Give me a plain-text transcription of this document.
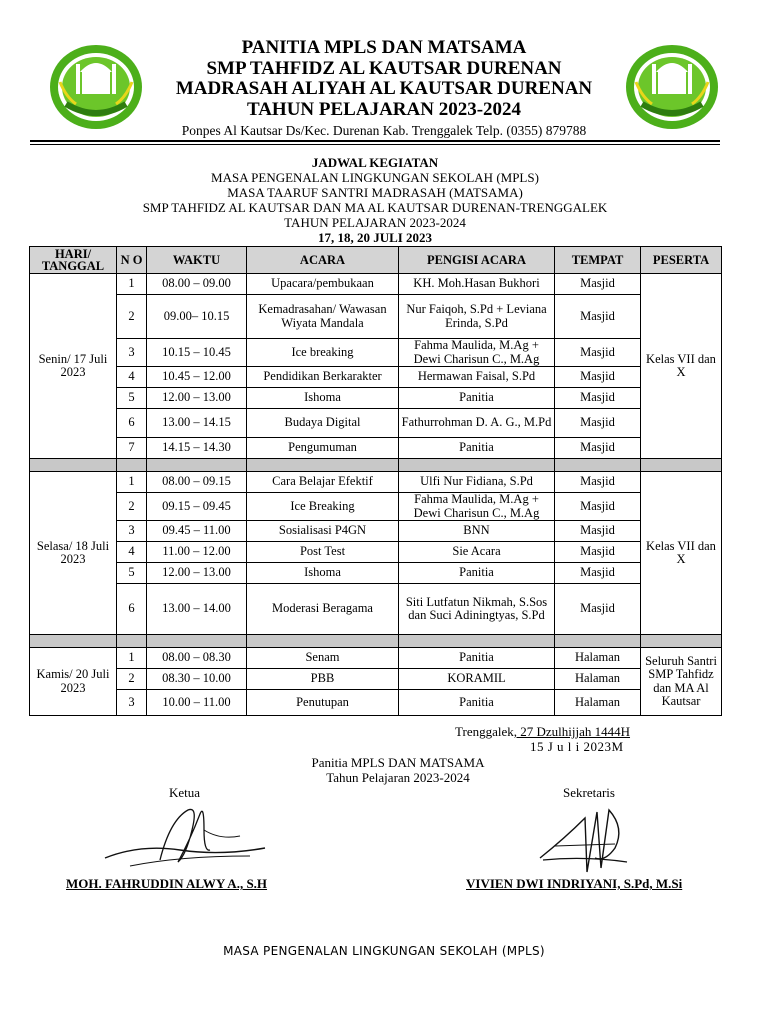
PANITIA MPLS DAN MATSAMA
SMP TAHFIDZ AL KAUTSAR DURENAN
MADRASAH ALIYAH AL KAUTSAR DURENAN
TAHUN PELAJARAN 2023-2024
Ponpes Al Kautsar Ds/Kec. Durenan Kab. Trenggalek Telp. (0355) 879788
JADWAL KEGIATAN
MASA PENGENALAN LINGKUNGAN SEKOLAH (MPLS)
MASA TAARUF SANTRI MADRASAH (MATSAMA)
SMP TAHFIDZ AL KAUTSAR DAN MA AL KAUTSAR DURENAN-TRENGGALEK
TAHUN PELAJARAN 2023-2024
17, 18, 20 JULI 2023
HARI/ TANGGAL	N O	WAKTU	ACARA	PENGISI ACARA	TEMPAT	PESERTA
Senin/ 17 Juli 2023	1	08.00 – 09.00	Upacara/pembukaan	KH. Moh.Hasan Bukhori	Masjid	Kelas VII dan X
	2	09.00– 10.15	Kemadrasahan/ Wawasan Wiyata Mandala	Nur Faiqoh, S.Pd + Leviana Erinda, S.Pd	Masjid	
	3	10.15 – 10.45	Ice breaking	Fahma Maulida, M.Ag + Dewi Charisun C., M.Ag	Masjid	
	4	10.45 – 12.00	Pendidikan Berkarakter	Hermawan Faisal, S.Pd	Masjid	
	5	12.00 – 13.00	Ishoma	Panitia	Masjid	
	6	13.00 – 14.15	Budaya Digital	Fathurrohman D. A. G., M.Pd	Masjid	
	7	14.15 – 14.30	Pengumuman	Panitia	Masjid	

Selasa/ 18 Juli 2023	1	08.00 – 09.15	Cara Belajar Efektif	Ulfi Nur Fidiana, S.Pd	Masjid	Kelas VII dan X
	2	09.15 – 09.45	Ice Breaking	Fahma Maulida, M.Ag + Dewi Charisun C., M.Ag	Masjid	
	3	09.45 – 11.00	Sosialisasi P4GN	BNN	Masjid	
	4	11.00 – 12.00	Post Test	Sie Acara	Masjid	
	5	12.00 – 13.00	Ishoma	Panitia	Masjid	
	6	13.00 – 14.00	Moderasi Beragama	Siti Lutfatun Nikmah, S.Sos dan Suci Adiningtyas, S.Pd	Masjid	

Kamis/ 20 Juli 2023	1	08.00 – 08.30	Senam	Panitia	Halaman	Seluruh Santri SMP Tahfidz dan MA Al Kautsar
	2	08.30 – 10.00	PBB	KORAMIL	Halaman	
	3	10.00 – 11.00	Penutupan	Panitia	Halaman	
Trenggalek, 27 Dzulhijjah 1444H
15 J u l i 2023M
Panitia MPLS DAN MATSAMA
Tahun Pelajaran 2023-2024
Ketua	Sekretaris
MOH. FAHRUDDIN ALWY A., S.H	VIVIEN DWI INDRIYANI, S.Pd, M.Si
MASA PENGENALAN LINGKUNGAN SEKOLAH (MPLS)
